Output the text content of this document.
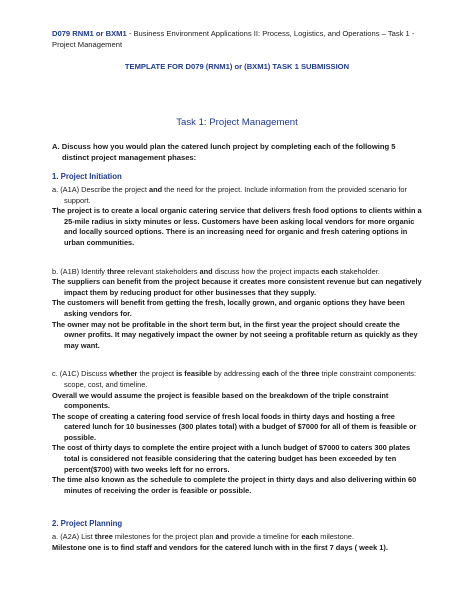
D079 RNM1 or BXM1 - Business Environment Applications II: Process, Logistics, and Operations – Task 1 - Project Management
TEMPLATE FOR D079 (RNM1) or (BXM1) TASK 1 SUBMISSION
Task 1: Project Management
A. Discuss how you would plan the catered lunch project by completing each of the following 5 distinct project management phases:
1. Project Initiation
a. (A1A) Describe the project and the need for the project. Include information from the provided scenario for support.
The project is to create a local organic catering service that delivers fresh food options to clients within a 25-mile radius in sixty minutes or less. Customers have been asking local vendors for more organic and locally sourced options. There is an increasing need for organic and fresh catering options in urban communities.
b. (A1B) Identify three relevant stakeholders and discuss how the project impacts each stakeholder.
The suppliers can benefit from the project because it creates more consistent revenue but can negatively impact them by reducing product for other businesses that they supply.
The customers will benefit from getting the fresh, locally grown, and organic options they have been asking vendors for.
The owner may not be profitable in the short term but, in the first year the project should create the owner profits. It may negatively impact the owner by not seeing a profitable return as quickly as they may want.
c. (A1C) Discuss whether the project is feasible by addressing each of the three triple constraint components: scope, cost, and timeline.
Overall we would assume the project is feasible based on the breakdown of the triple constraint components.
The scope of creating a catering food service of fresh local foods in thirty days and hosting a free catered lunch for 10 businesses (300 plates total) with a budget of $7000 for all of them is feasible or possible.
The cost of thirty days to complete the entire project with a lunch budget of $7000 to caters 300 plates total is considered not feasible considering that the catering budget has been exceeded by ten percent($700) with two weeks left for no errors.
The time also known as the schedule to complete the project in thirty days and also delivering within 60 minutes of receiving the order is feasible or possible.
2. Project Planning
a. (A2A) List three milestones for the project plan and provide a timeline for each milestone.
Milestone one is to find staff and vendors for the catered lunch with in the first 7 days ( week 1).
